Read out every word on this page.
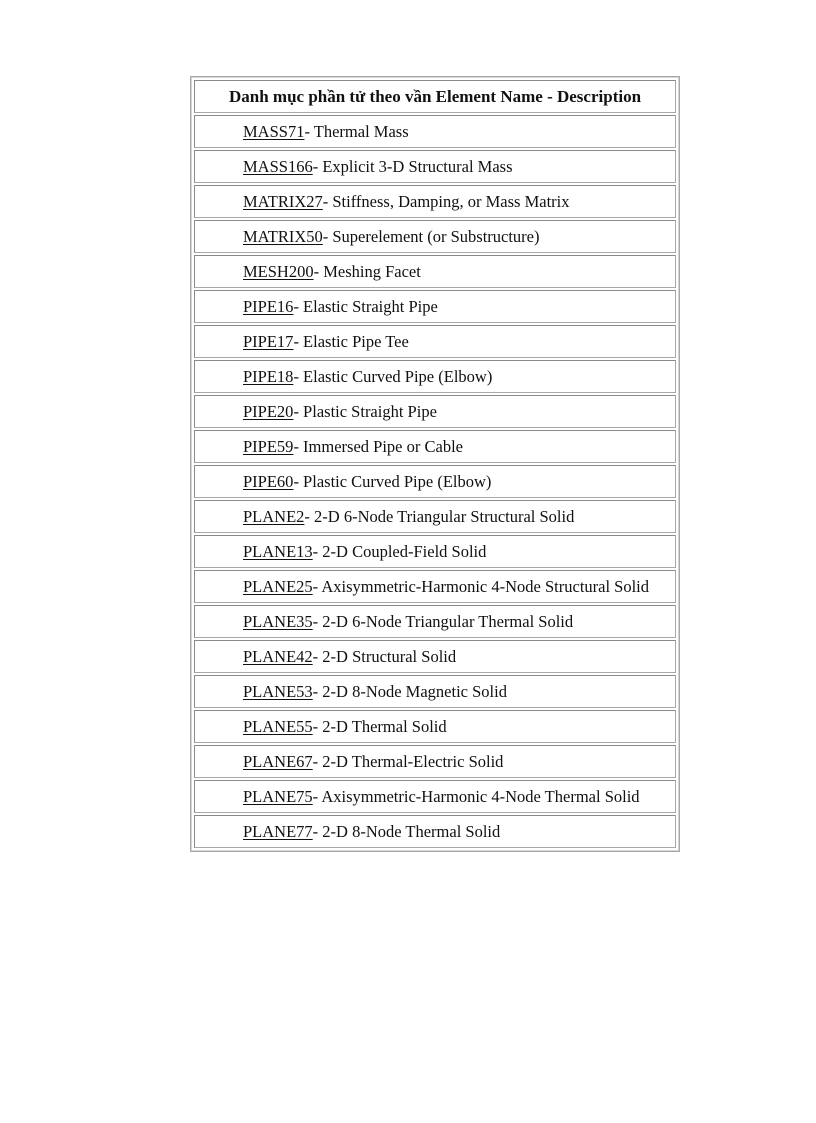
Danh mục phần tử theo vần Element Name - Description
MASS71 - Thermal Mass
MASS166 - Explicit 3-D Structural Mass
MATRIX27 - Stiffness, Damping, or Mass Matrix
MATRIX50 - Superelement (or Substructure)
MESH200 - Meshing Facet
PIPE16 - Elastic Straight Pipe
PIPE17 - Elastic Pipe Tee
PIPE18 - Elastic Curved Pipe (Elbow)
PIPE20 - Plastic Straight Pipe
PIPE59 - Immersed Pipe or Cable
PIPE60 - Plastic Curved Pipe (Elbow)
PLANE2 - 2-D 6-Node Triangular Structural Solid
PLANE13 - 2-D Coupled-Field Solid
PLANE25 - Axisymmetric-Harmonic 4-Node Structural Solid
PLANE35 - 2-D 6-Node Triangular Thermal Solid
PLANE42 - 2-D Structural Solid
PLANE53 - 2-D 8-Node Magnetic Solid
PLANE55 - 2-D Thermal Solid
PLANE67 - 2-D Thermal-Electric Solid
PLANE75 - Axisymmetric-Harmonic 4-Node Thermal Solid
PLANE77 - 2-D 8-Node Thermal Solid
